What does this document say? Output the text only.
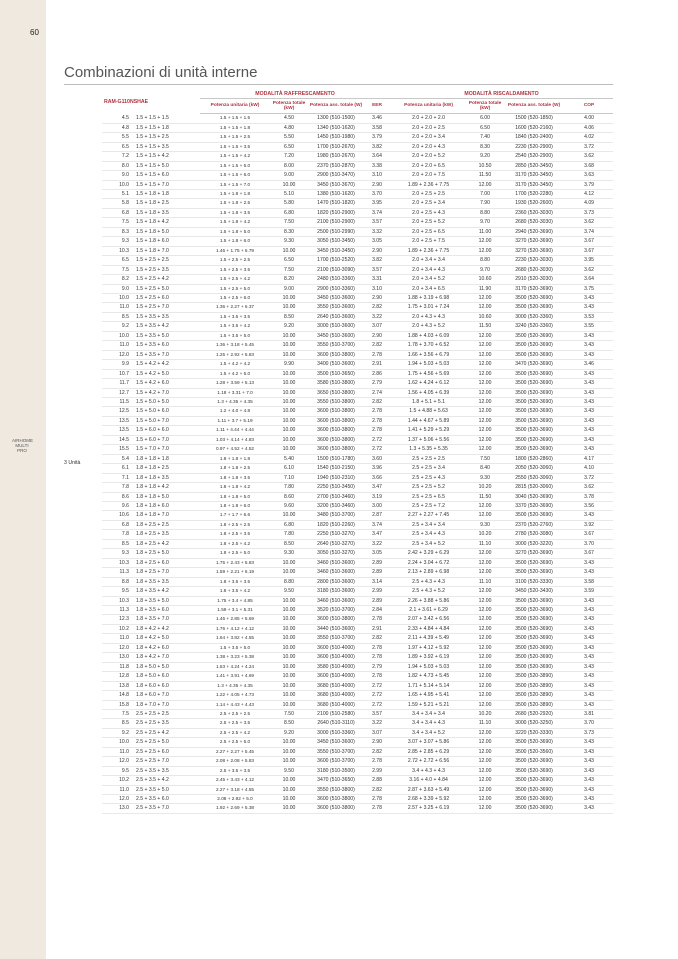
60
AIRHOME
MULTI PRO
Combinazioni di unità interne
RAM-G110NSHAE			MODALITÀ RAFFRESCAMENTO				MODALITÀ RISCALDAMENTO			
			Potenza unitaria (kW)	Potenza totale (kW)	Potenza ass. totale (W)	EER	Potenza unitaria (kW)	Potenza totale (kW)	Potenza ass. totale (W)	COP
3 Unità	4.5	1.5 + 1.5 + 1.5	1.5 + 1.5 + 1.5	4.50	1300 (510-1500)	3.46	2.0 + 2.0 + 2.0	6.00	1500 (520-1850)	4.00
	4.8	1.5 + 1.5 + 1.8	1.5 + 1.5 + 1.8	4.80	1340 (510-1620)	3.58	2.0 + 2.0 + 2.5	6.50	1600 (520-2160)	4.06
	5.5	1.5 + 1.5 + 2.5	1.5 + 1.5 + 2.5	5.50	1450 (510-1980)	3.79	2.0 + 2.0 + 3.4	7.40	1840 (520-2400)	4.02
	6.5	1.5 + 1.5 + 3.5	1.5 + 1.5 + 3.5	6.50	1700 (510-2670)	3.82	2.0 + 2.0 + 4.3	8.30	2230 (520-2900)	3.72
	7.2	1.5 + 1.5 + 4.2	1.5 + 1.5 + 4.2	7.20	1980 (510-2670)	3.64	2.0 + 2.0 + 5.2	9.20	2540 (520-2900)	3.62
	8.0	1.5 + 1.5 + 5.0	1.5 + 1.5 + 5.0	8.00	2370 (510-2870)	3.38	2.0 + 2.0 + 6.5	10.50	2850 (520-3450)	3.68
	9.0	1.5 + 1.5 + 6.0	1.5 + 1.5 + 6.0	9.00	2900 (510-3470)	3.10	2.0 + 2.0 + 7.5	11.50	3170 (520-3450)	3.63
	10.0	1.5 + 1.5 + 7.0	1.5 + 1.5 + 7.0	10.00	3450 (510-3670)	2.90	1.89 + 2.36 + 7.75	12.00	3170 (520-3450)	3.79
	5.1	1.5 + 1.8 + 1.8	1.5 + 1.8 + 1.8	5.10	1380 (510-1620)	3.70	2.0 + 2.5 + 2.5	7.00	1700 (520-2280)	4.12
	5.8	1.5 + 1.8 + 2.5	1.5 + 1.8 + 2.5	5.80	1470 (510-1820)	3.95	2.0 + 2.5 + 3.4	7.90	1930 (520-2600)	4.09
	6.8	1.5 + 1.8 + 3.5	1.5 + 1.8 + 3.5	6.80	1820 (510-2900)	3.74	2.0 + 2.5 + 4.3	8.80	2360 (520-3030)	3.73
	7.5	1.5 + 1.8 + 4.2	1.5 + 1.8 + 4.2	7.50	2100 (510-2900)	3.57	2.0 + 2.5 + 5.2	9.70	2680 (520-3030)	3.62
	8.3	1.5 + 1.8 + 5.0	1.5 + 1.8 + 5.0	8.30	2500 (510-2990)	3.32	2.0 + 2.5 + 6.5	11.00	2940 (520-3690)	3.74
	9.3	1.5 + 1.8 + 6.0	1.5 + 1.8 + 6.0	9.30	3050 (510-3450)	3.05	2.0 + 2.5 + 7.5	12.00	3270 (520-3690)	3.67
	10.3	1.5 + 1.8 + 7.0	1.46 + 1.75 + 6.79	10.00	3450 (510-3450)	2.90	1.89 + 2.36 + 7.75	12.00	3270 (520-3690)	3.67
	6.5	1.5 + 2.5 + 2.5	1.5 + 2.5 + 2.5	6.50	1700 (510-2520)	3.82	2.0 + 3.4 + 3.4	8.80	2230 (520-3030)	3.95
	7.5	1.5 + 2.5 + 3.5	1.5 + 2.5 + 3.5	7.50	2100 (510-3090)	3.57	2.0 + 3.4 + 4.3	9.70	2680 (520-3030)	3.62
	8.2	1.5 + 2.5 + 4.2	1.5 + 2.5 + 4.2	8.20	2480 (510-3360)	3.31	2.0 + 3.4 + 5.2	10.60	2910 (520-3030)	3.64
	9.0	1.5 + 2.5 + 5.0	1.5 + 2.5 + 5.0	9.00	2900 (510-3360)	3.10	2.0 + 3.4 + 6.5	11.90	3170 (520-3690)	3.75
	10.0	1.5 + 2.5 + 6.0	1.5 + 2.5 + 6.0	10.00	3450 (510-3600)	2.90	1.88 + 3.19 + 6.98	12.00	3500 (520-3690)	3.43
	11.0	1.5 + 2.5 + 7.0	1.36 + 2.27 + 6.37	10.00	3550 (510-3600)	2.82	1.75 + 3.01 + 7.24	12.00	3500 (520-3690)	3.43
	8.5	1.5 + 3.5 + 3.5	1.5 + 3.5 + 3.5	8.50	2640 (510-3600)	3.22	2.0 + 4.3 + 4.3	10.60	3000 (520-3360)	3.53
	9.2	1.5 + 3.5 + 4.2	1.5 + 3.5 + 4.2	9.20	3000 (510-3600)	3.07	2.0 + 4.3 + 5.2	11.50	3240 (520-3360)	3.55
	10.0	1.5 + 3.5 + 5.0	1.5 + 3.5 + 5.0	10.00	3450 (510-3600)	2.90	1.88 + 4.03 + 6.09	12.00	3500 (520-3690)	3.43
	11.0	1.5 + 3.5 + 6.0	1.36 + 3.18 + 5.45	10.00	3550 (510-3700)	2.82	1.78 + 3.70 + 6.52	12.00	3500 (520-3690)	3.43
	12.0	1.5 + 3.5 + 7.0	1.25 + 2.92 + 5.83	10.00	3600 (510-3800)	2.78	1.66 + 3.56 + 6.79	12.00	3500 (520-3690)	3.43
	9.9	1.5 + 4.2 + 4.2	1.5 + 4.2 + 4.2	9.90	3400 (510-3600)	2.91	1.94 + 5.03 + 5.03	12.00	3470 (520-3690)	3.46
	10.7	1.5 + 4.2 + 5.0	1.5 + 4.2 + 5.0	10.00	3500 (510-3650)	2.86	1.75 + 4.56 + 5.69	12.00	3500 (520-3690)	3.43
	11.7	1.5 + 4.2 + 6.0	1.28 + 3.59 + 5.13	10.00	3580 (510-3800)	2.79	1.62 + 4.24 + 6.12	12.00	3500 (520-3690)	3.43
	12.7	1.5 + 4.2 + 7.0	1.18 + 3.31 + 7.0	10.00	3650 (510-3800)	2.74	1.56 + 4.05 + 6.39	12.00	3500 (520-3690)	3.43
	11.5	1.5 + 5.0 + 5.0	1.3 + 4.35 + 4.35	10.00	3550 (510-3800)	2.82	1.8 + 5.1 + 5.1	12.00	3500 (520-3690)	3.43
	12.5	1.5 + 5.0 + 6.0	1.2 + 4.0 + 4.8	10.00	3600 (510-3800)	2.78	1.5 + 4.88 + 5.63	12.00	3500 (520-3690)	3.43
	13.5	1.5 + 5.0 + 7.0	1.11 + 3.7 + 5.19	10.00	3600 (510-3800)	2.78	1.44 + 4.67 + 5.89	12.00	3500 (520-3690)	3.43
	13.5	1.5 + 6.0 + 6.0	1.11 + 4.44 + 4.44	10.00	3600 (510-3800)	2.78	1.41 + 5.29 + 5.29	12.00	3500 (520-3690)	3.43
	14.5	1.5 + 6.0 + 7.0	1.03 + 4.14 + 4.83	10.00	3600 (510-3800)	2.72	1.37 + 5.06 + 5.56	12.00	3500 (520-3690)	3.43
	15.5	1.5 + 7.0 + 7.0	0.97 + 4.52 + 4.52	10.00	3600 (510-3800)	2.72	1.3 + 5.35 + 5.35	12.00	3500 (520-3690)	3.43
	5.4	1.8 + 1.8 + 1.8	1.8 + 1.8 + 1.8	5.40	1500 (510-1780)	3.60	2.5 + 2.5 + 2.5	7.50	1800 (520-2860)	4.17
	6.1	1.8 + 1.8 + 2.5	1.8 + 1.8 + 2.5	6.10	1540 (510-2150)	3.96	2.5 + 2.5 + 3.4	8.40	2050 (520-3060)	4.10
	7.1	1.8 + 1.8 + 3.5	1.8 + 1.8 + 3.5	7.10	1940 (510-2310)	3.66	2.5 + 2.5 + 4.3	9.30	2550 (520-3060)	3.72
	7.8	1.8 + 1.8 + 4.2	1.8 + 1.8 + 4.2	7.80	2250 (510-3450)	3.47	2.5 + 2.5 + 5.2	10.20	2815 (520-3060)	3.62
	8.6	1.8 + 1.8 + 5.0	1.8 + 1.8 + 5.0	8.60	2700 (510-3460)	3.19	2.5 + 2.5 + 6.5	11.50	3040 (520-3690)	3.78
	9.6	1.8 + 1.8 + 6.0	1.8 + 1.8 + 6.0	9.60	3200 (510-3460)	3.00	2.5 + 2.5 + 7.2	12.00	3370 (520-3690)	3.56
	10.6	1.8 + 1.8 + 7.0	1.7 + 1.7 + 6.6	10.00	3480 (510-3700)	2.87	2.27 + 2.27 + 7.45	12.00	3500 (520-3690)	3.43
	6.8	1.8 + 2.5 + 2.5	1.8 + 2.5 + 2.5	6.80	1820 (510-2260)	3.74	2.5 + 3.4 + 3.4	9.30	2370 (520-2760)	3.92
	7.8	1.8 + 2.5 + 3.5	1.8 + 2.5 + 3.5	7.80	2250 (510-3270)	3.47	2.5 + 3.4 + 4.3	10.20	2780 (520-3080)	3.67
	8.5	1.8 + 2.5 + 4.2	1.8 + 2.5 + 4.2	8.50	2640 (510-3270)	3.22	2.5 + 3.4 + 5.2	11.10	3000 (520-3220)	3.70
	9.3	1.8 + 2.5 + 5.0	1.8 + 2.5 + 5.0	9.30	3050 (510-3270)	3.05	2.42 + 3.29 + 6.29	12.00	3270 (520-3690)	3.67
	10.3	1.8 + 2.5 + 6.0	1.75 + 2.43 + 5.83	10.00	3460 (510-3600)	2.89	2.24 + 3.04 + 6.72	12.00	3500 (520-3690)	3.43
	11.3	1.8 + 2.5 + 7.0	1.59 + 2.21 + 6.19	10.00	3460 (510-3600)	2.89	2.13 + 2.89 + 6.98	12.00	3500 (520-3690)	3.43
	8.8	1.8 + 3.5 + 3.5	1.8 + 3.5 + 3.5	8.80	2800 (510-3600)	3.14	2.5 + 4.3 + 4.3	11.10	3100 (520-3330)	3.58
	9.5	1.8 + 3.5 + 4.2	1.8 + 3.5 + 4.2	9.50	3180 (510-3600)	2.99	2.5 + 4.3 + 5.2	12.00	3450 (520-3430)	3.59
	10.3	1.8 + 3.5 + 5.0	1.75 + 3.4 + 4.85	10.00	3460 (510-3600)	2.89	2.26 + 3.88 + 5.86	12.00	3500 (520-3690)	3.43
	11.3	1.8 + 3.5 + 6.0	1.59 + 3.1 + 5.31	10.00	3520 (510-3700)	2.84	2.1 + 3.61 + 6.29	12.00	3500 (520-3690)	3.43
	12.3	1.8 + 3.5 + 7.0	1.46 + 2.85 + 5.69	10.00	3600 (510-3800)	2.78	2.07 + 3.42 + 6.56	12.00	3500 (520-3690)	3.43
	10.2	1.8 + 4.2 + 4.2	1.76 + 4.12 + 4.12	10.00	3440 (510-3600)	2.91	2.33 + 4.84 + 4.84	12.00	3500 (520-3690)	3.43
	11.0	1.8 + 4.2 + 5.0	1.64 + 3.82 + 4.55	10.00	3550 (510-3700)	2.82	2.11 + 4.39 + 5.49	12.00	3500 (520-3690)	3.43
	12.0	1.8 + 4.2 + 6.0	1.5 + 3.5 + 5.0	10.00	3600 (510-4000)	2.78	1.97 + 4.12 + 5.92	12.00	3500 (520-3690)	3.43
	13.0	1.8 + 4.2 + 7.0	1.38 + 3.23 + 5.38	10.00	3600 (510-4000)	2.78	1.89 + 3.92 + 6.19	12.00	3500 (520-3690)	3.43
	11.8	1.8 + 5.0 + 5.0	1.53 + 4.24 + 4.24	10.00	3580 (510-4000)	2.79	1.94 + 5.03 + 5.03	12.00	3500 (520-3690)	3.43
	12.8	1.8 + 5.0 + 6.0	1.41 + 3.91 + 4.69	10.00	3600 (510-4000)	2.78	1.82 + 4.73 + 5.45	12.00	3500 (520-3890)	3.43
	13.8	1.8 + 6.0 + 6.0	1.3 + 4.35 + 4.35	10.00	3680 (510-4000)	2.72	1.71 + 5.14 + 5.14	12.00	3500 (520-3890)	3.43
	14.8	1.8 + 6.0 + 7.0	1.22 + 4.05 + 4.73	10.00	3680 (510-4000)	2.72	1.65 + 4.95 + 5.41	12.00	3500 (520-3890)	3.43
	15.8	1.8 + 7.0 + 7.0	1.14 + 4.43 + 4.43	10.00	3680 (510-4000)	2.72	1.59 + 5.21 + 5.21	12.00	3500 (520-3890)	3.43
	7.5	2.5 + 2.5 + 2.5	2.5 + 2.5 + 2.5	7.50	2100 (510-2580)	3.57	3.4 + 3.4 + 3.4	10.20	2680 (520-2920)	3.81
	8.5	2.5 + 2.5 + 3.5	2.5 + 2.5 + 3.5	8.50	2640 (510-3110)	3.22	3.4 + 3.4 + 4.3	11.10	3000 (520-3250)	3.70
	9.2	2.5 + 2.5 + 4.2	2.5 + 2.5 + 4.2	9.20	3000 (510-3360)	3.07	3.4 + 3.4 + 5.2	12.00	3220 (520-3330)	3.73
	10.0	2.5 + 2.5 + 5.0	2.5 + 2.5 + 5.0	10.00	3450 (510-3600)	2.90	3.07 + 3.07 + 5.86	12.00	3500 (520-3690)	3.43
	11.0	2.5 + 2.5 + 6.0	2.27 + 2.27 + 5.45	10.00	3550 (510-3700)	2.82	2.85 + 2.85 + 6.29	12.00	3500 (520-3560)	3.43
	12.0	2.5 + 2.5 + 7.0	2.08 + 2.08 + 5.83	10.00	3600 (510-3700)	2.78	2.72 + 2.72 + 6.56	12.00	3500 (520-3690)	3.43
	9.5	2.5 + 3.5 + 3.5	2.5 + 3.5 + 3.5	9.50	3180 (510-3500)	2.99	3.4 + 4.3 + 4.3	12.00	3500 (520-3690)	3.43
	10.2	2.5 + 3.5 + 4.2	2.45 + 3.43 + 4.12	10.00	3470 (510-3650)	2.88	3.16 + 4.0 + 4.84	12.00	3500 (520-3690)	3.43
	11.0	2.5 + 3.5 + 5.0	2.27 + 3.18 + 4.55	10.00	3550 (510-3800)	2.82	2.87 + 3.63 + 5.49	12.00	3500 (520-3690)	3.43
	12.0	2.5 + 3.5 + 6.0	2.08 + 2.92 + 5.0	10.00	3600 (510-3800)	2.78	2.68 + 3.39 + 5.92	12.00	3500 (520-3690)	3.43
	13.0	2.5 + 3.5 + 7.0	1.92 + 2.69 + 5.38	10.00	3600 (510-3800)	2.78	2.57 + 3.25 + 6.19	12.00	3500 (520-3690)	3.43
